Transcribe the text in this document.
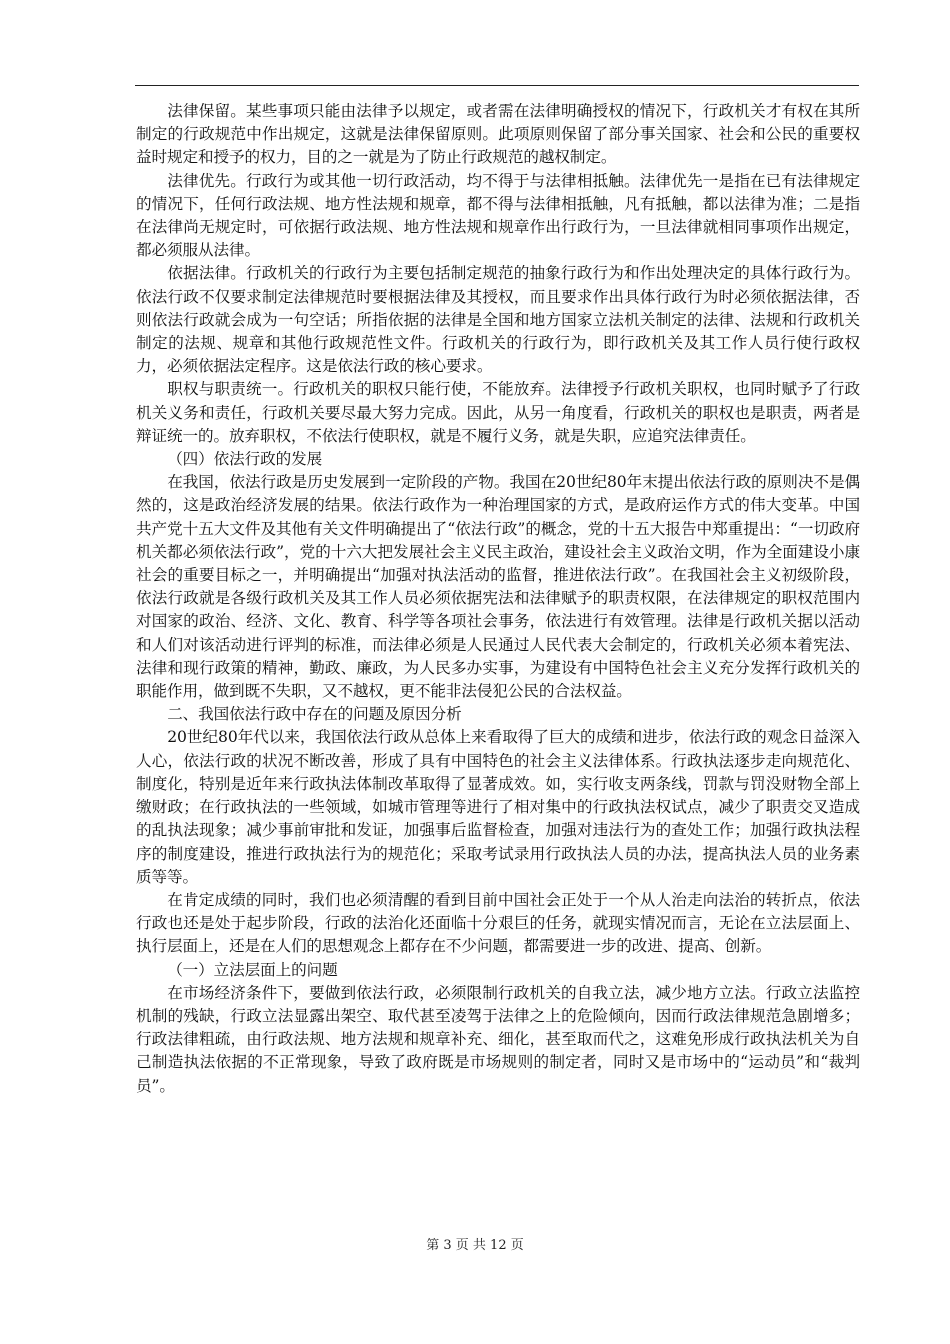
法律保留。某些事项只能由法律予以规定，或者需在法律明确授权的情况下，行政机关才有权在其所制定的行政规范中作出规定，这就是法律保留原则。此项原则保留了部分事关国家、社会和公民的重要权益时规定和授予的权力，目的之一就是为了防止行政规范的越权制定。

法律优先。行政行为或其他一切行政活动，均不得于与法律相抵触。法律优先一是指在已有法律规定的情况下，任何行政法规、地方性法规和规章，都不得与法律相抵触，凡有抵触，都以法律为准；二是指在法律尚无规定时，可依据行政法规、地方性法规和规章作出行政行为，一旦法律就相同事项作出规定，都必须服从法律。

依据法律。行政机关的行政行为主要包括制定规范的抽象行政行为和作出处理决定的具体行政行为。依法行政不仅要求制定法律规范时要根据法律及其授权，而且要求作出具体行政行为时必须依据法律，否则依法行政就会成为一句空话；所指依据的法律是全国和地方国家立法机关制定的法律、法规和行政机关制定的法规、规章和其他行政规范性文件。行政机关的行政行为，即行政机关及其工作人员行使行政权力，必须依据法定程序。这是依法行政的核心要求。

职权与职责统一。行政机关的职权只能行使，不能放弃。法律授予行政机关职权，也同时赋予了行政机关义务和责任，行政机关要尽最大努力完成。因此，从另一角度看，行政机关的职权也是职责，两者是辩证统一的。放弃职权，不依法行使职权，就是不履行义务，就是失职，应追究法律责任。

（四）依法行政的发展

在我国，依法行政是历史发展到一定阶段的产物。我国在20世纪80年末提出依法行政的原则决不是偶然的，这是政治经济发展的结果。依法行政作为一种治理国家的方式，是政府运作方式的伟大变革。中国共产党十五大文件及其他有关文件明确提出了“依法行政”的概念，党的十五大报告中郑重提出：“一切政府机关都必须依法行政”，党的十六大把发展社会主义民主政治，建设社会主义政治文明，作为全面建设小康社会的重要目标之一，并明确提出“加强对执法活动的监督，推进依法行政”。在我国社会主义初级阶段，依法行政就是各级行政机关及其工作人员必须依据宪法和法律赋予的职责权限，在法律规定的职权范围内对国家的政治、经济、文化、教育、科学等各项社会事务，依法进行有效管理。法律是行政机关据以活动和人们对该活动进行评判的标准，而法律必须是人民通过人民代表大会制定的，行政机关必须本着宪法、法律和现行政策的精神，勤政、廉政，为人民多办实事，为建设有中国特色社会主义充分发挥行政机关的职能作用，做到既不失职，又不越权，更不能非法侵犯公民的合法权益。

二、我国依法行政中存在的问题及原因分析

20世纪80年代以来，我国依法行政从总体上来看取得了巨大的成绩和进步，依法行政的观念日益深入人心，依法行政的状况不断改善，形成了具有中国特色的社会主义法律体系。行政执法逐步走向规范化、制度化，特别是近年来行政执法体制改革取得了显著成效。如，实行收支两条线，罚款与罚没财物全部上缴财政；在行政执法的一些领域，如城市管理等进行了相对集中的行政执法权试点，减少了职责交叉造成的乱执法现象；减少事前审批和发证，加强事后监督检查，加强对违法行为的查处工作；加强行政执法程序的制度建设，推进行政执法行为的规范化；采取考试录用行政执法人员的办法，提高执法人员的业务素质等等。

在肯定成绩的同时，我们也必须清醒的看到目前中国社会正处于一个从人治走向法治的转折点，依法行政也还是处于起步阶段，行政的法治化还面临十分艰巨的任务，就现实情况而言，无论在立法层面上、执行层面上，还是在人们的思想观念上都存在不少问题，都需要进一步的改进、提高、创新。

（一）立法层面上的问题

在市场经济条件下，要做到依法行政，必须限制行政机关的自我立法，减少地方立法。行政立法监控机制的残缺，行政立法显露出架空、取代甚至凌驾于法律之上的危险倾向，因而行政法律规范急剧增多；行政法律粗疏，由行政法规、地方法规和规章补充、细化，甚至取而代之，这难免形成行政执法机关为自己制造执法依据的不正常现象，导致了政府既是市场规则的制定者，同时又是市场中的“运动员”和“裁判员”。

第 3 页 共 12 页
